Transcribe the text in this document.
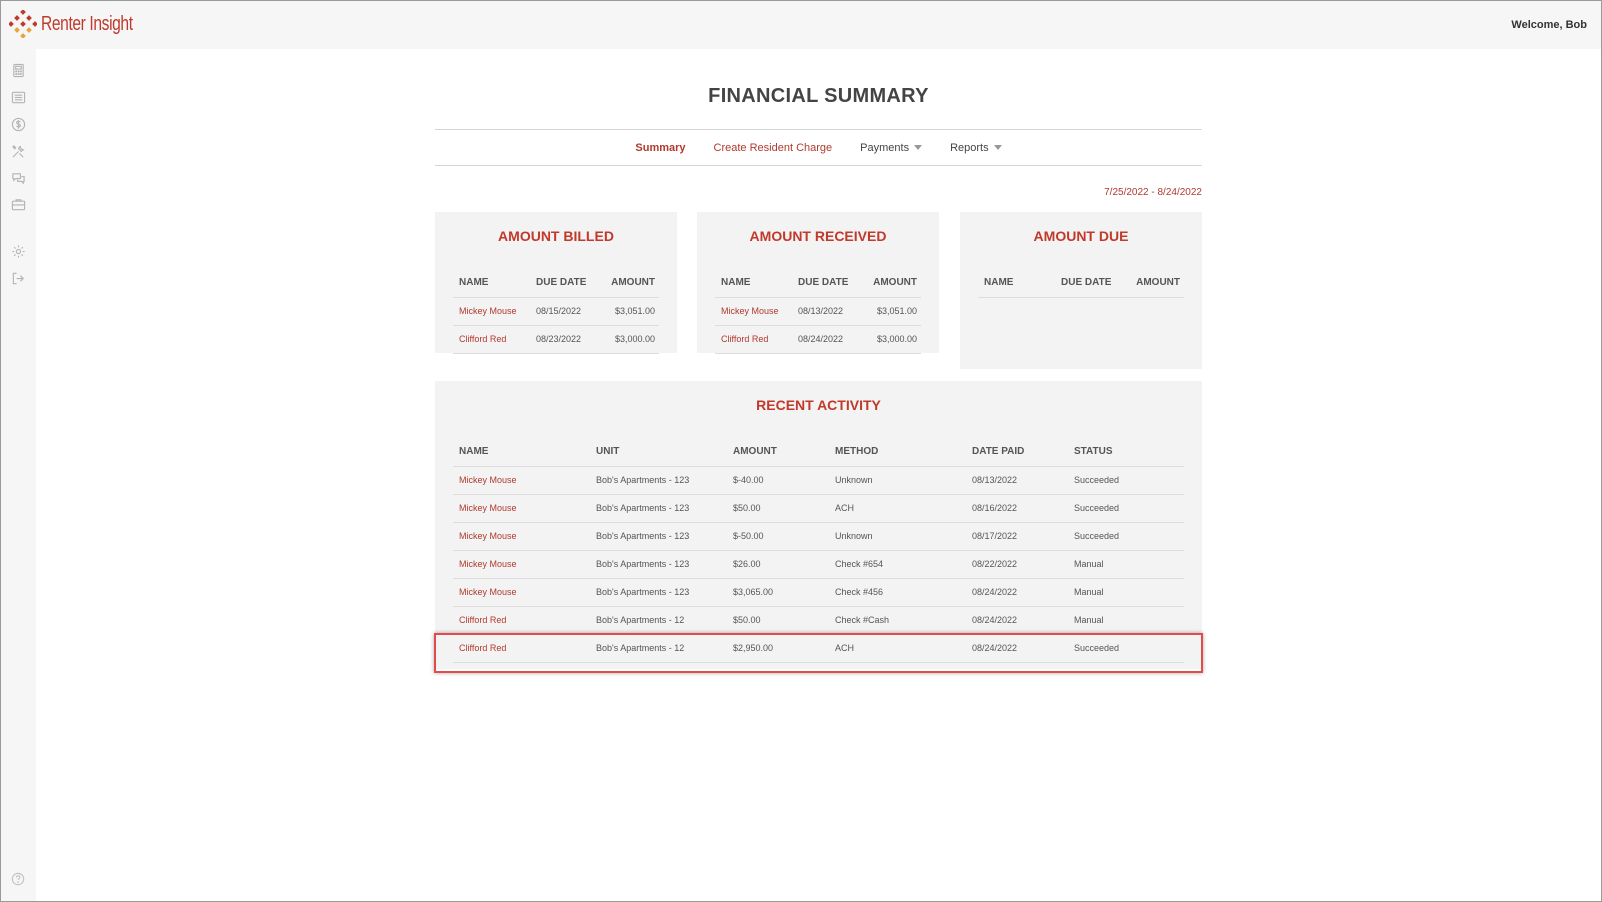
Renter Insight	Welcome, Bob
FINANCIAL SUMMARY
Summary	Create Resident Charge	Payments	Reports
7/25/2022 - 8/24/2022
AMOUNT BILLED
NAME	DUE DATE	AMOUNT
Mickey Mouse	08/15/2022	$3,051.00
Clifford Red	08/23/2022	$3,000.00
AMOUNT RECEIVED
NAME	DUE DATE	AMOUNT
Mickey Mouse	08/13/2022	$3,051.00
Clifford Red	08/24/2022	$3,000.00
AMOUNT DUE
NAME	DUE DATE	AMOUNT
RECENT ACTIVITY
NAME	UNIT	AMOUNT	METHOD	DATE PAID	STATUS
Mickey Mouse	Bob's Apartments - 123	$-40.00	Unknown	08/13/2022	Succeeded
Mickey Mouse	Bob's Apartments - 123	$50.00	ACH	08/16/2022	Succeeded
Mickey Mouse	Bob's Apartments - 123	$-50.00	Unknown	08/17/2022	Succeeded
Mickey Mouse	Bob's Apartments - 123	$26.00	Check #654	08/22/2022	Manual
Mickey Mouse	Bob's Apartments - 123	$3,065.00	Check #456	08/24/2022	Manual
Clifford Red	Bob's Apartments - 12	$50.00	Check #Cash	08/24/2022	Manual
Clifford Red	Bob's Apartments - 12	$2,950.00	ACH	08/24/2022	Succeeded
